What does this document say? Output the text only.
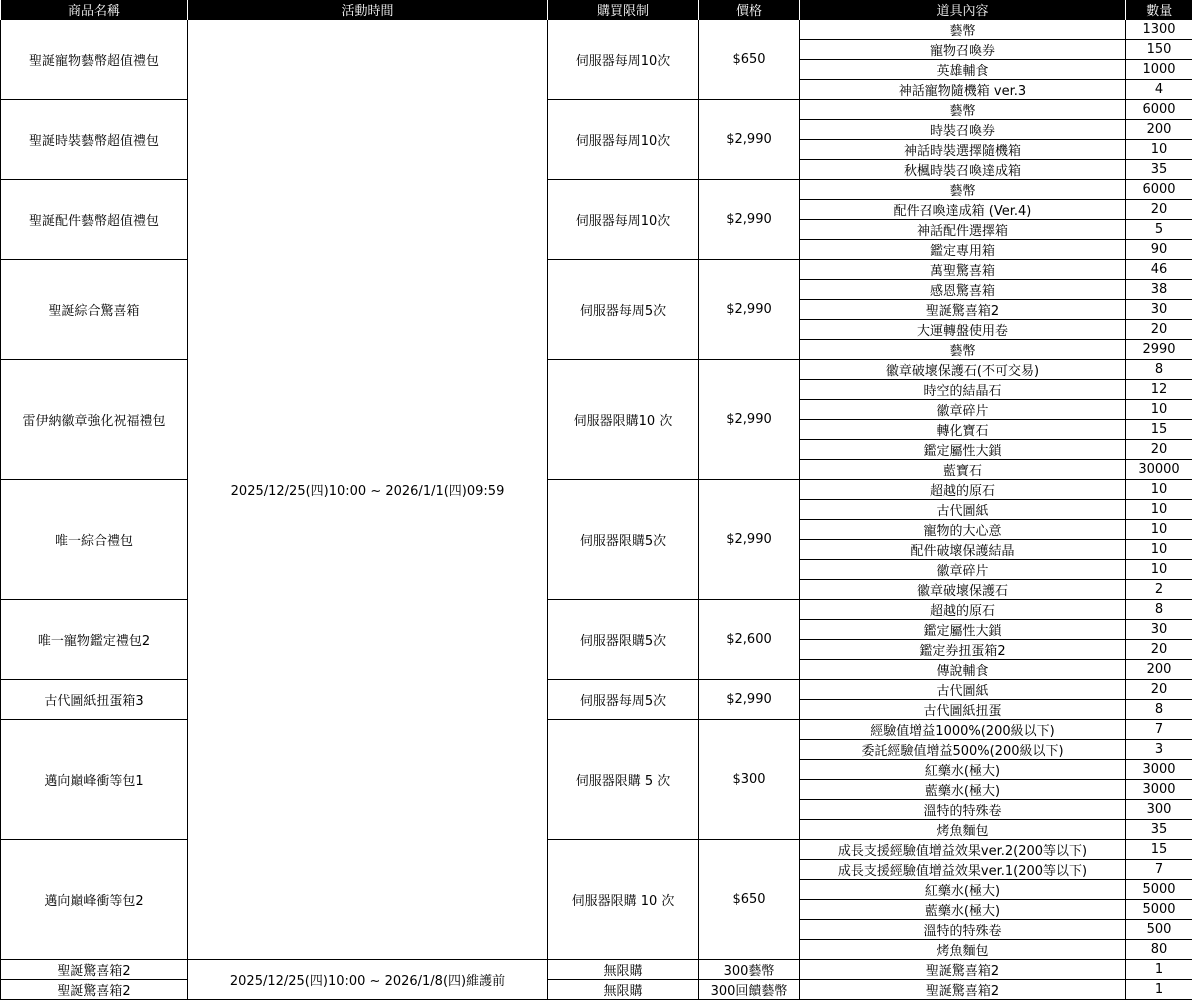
商品名稱	活動時間	購買限制	價格	道具內容	數量
聖誕寵物藝幣超值禮包	2025/12/25(四)10:00 ~ 2026/1/1(四)09:59	伺服器每周10次	$650	藝幣	1300
				寵物召喚券	150
				英雄輔食	1000
				神話寵物隨機箱 ver.3	4
聖誕時裝藝幣超值禮包		伺服器每周10次	$2,990	藝幣	6000
				時裝召喚券	200
				神話時裝選擇隨機箱	10
				秋楓時裝召喚達成箱	35
聖誕配件藝幣超值禮包		伺服器每周10次	$2,990	藝幣	6000
				配件召喚達成箱 (Ver.4)	20
				神話配件選擇箱	5
				鑑定專用箱	90
聖誕綜合驚喜箱		伺服器每周5次	$2,990	萬聖驚喜箱	46
				感恩驚喜箱	38
				聖誕驚喜箱2	30
				大運轉盤使用卷	20
				藝幣	2990
雷伊納徽章強化祝福禮包		伺服器限購10 次	$2,990	徽章破壞保護石(不可交易)	8
				時空的結晶石	12
				徽章碎片	10
				轉化寶石	15
				鑑定屬性大鎖	20
				藍寶石	30000
唯一綜合禮包		伺服器限購5次	$2,990	超越的原石	10
				古代圖紙	10
				寵物的大心意	10
				配件破壞保護結晶	10
				徽章碎片	10
				徽章破壞保護石	2
唯一寵物鑑定禮包2		伺服器限購5次	$2,600	超越的原石	8
				鑑定屬性大鎖	30
				鑑定券扭蛋箱2	20
				傳說輔食	200
古代圖紙扭蛋箱3		伺服器每周5次	$2,990	古代圖紙	20
				古代圖紙扭蛋	8
邁向巔峰衝等包1		伺服器限購 5 次	$300	經驗值增益1000%(200級以下)	7
				委託經驗值增益500%(200級以下)	3
				紅藥水(極大)	3000
				藍藥水(極大)	3000
				溫特的特殊卷	300
				烤魚麵包	35
邁向巔峰衝等包2		伺服器限購 10 次	$650	成長支援經驗值增益效果ver.2(200等以下)	15
				成長支援經驗值增益效果ver.1(200等以下)	7
				紅藥水(極大)	5000
				藍藥水(極大)	5000
				溫特的特殊卷	500
				烤魚麵包	80
聖誕驚喜箱2	2025/12/25(四)10:00 ~ 2026/1/8(四)維護前	無限購	300藝幣	聖誕驚喜箱2	1
聖誕驚喜箱2		無限購	300回饋藝幣	聖誕驚喜箱2	1
